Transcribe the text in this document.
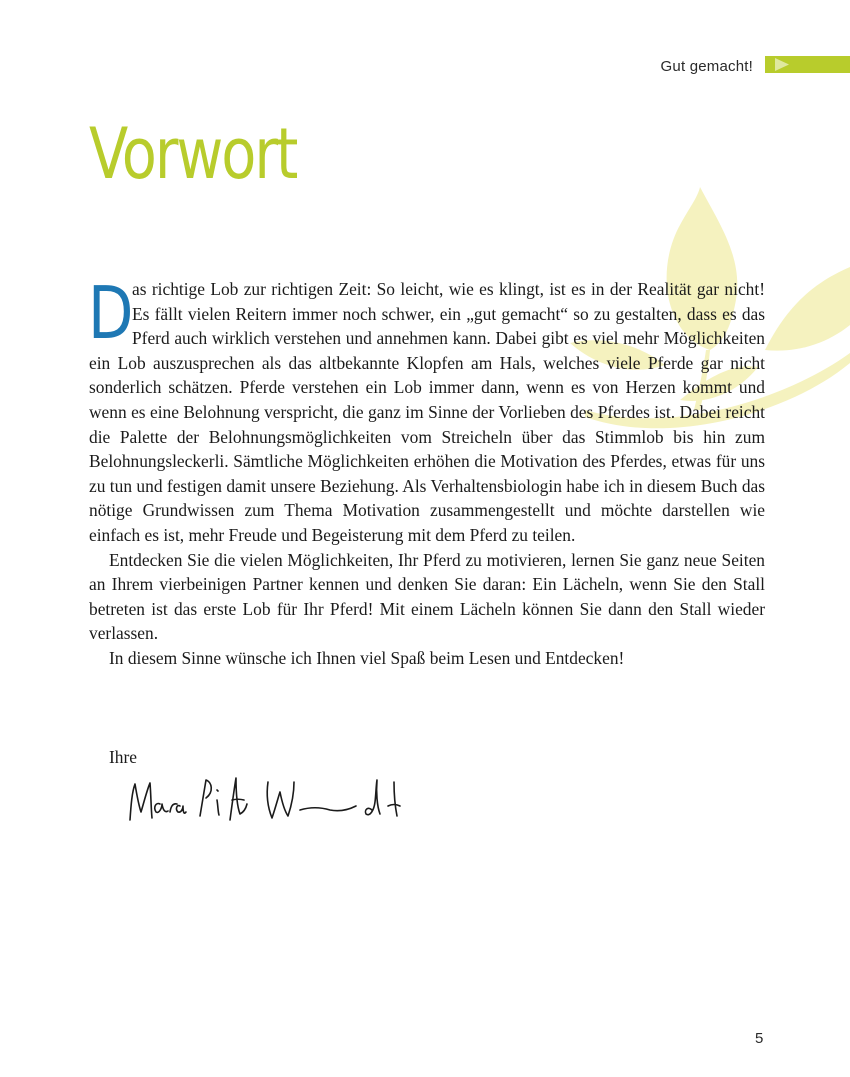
Gut gemacht!
Vorwort

D
as richtige Lob zur richtigen Zeit: So leicht, wie es klingt, ist es in der Realität gar nicht! Es fällt vielen Reitern immer noch schwer, ein „gut gemacht“ so zu gestalten, dass es das Pferd auch wirklich verstehen und annehmen kann. Dabei gibt es viel mehr Möglichkeiten ein Lob auszusprechen als das altbekannte Klopfen am Hals, welches viele Pferde gar nicht sonderlich schätzen. Pferde verstehen ein Lob immer dann, wenn es von Herzen kommt und wenn es eine Belohnung verspricht, die ganz im Sinne der Vorlieben des Pferdes ist. Dabei reicht die Palette der Belohnungsmöglichkeiten vom Streicheln über das Stimmlob bis hin zum Belohnungsleckerli. Sämtliche Möglichkeiten erhöhen die Motivation des Pferdes, etwas für uns zu tun und festigen damit unsere Beziehung. Als Verhaltensbiologin habe ich in diesem Buch das nötige Grundwissen zum Thema Motivation zusammengestellt und möchte darstellen wie einfach es ist, mehr Freude und Begeisterung mit dem Pferd zu teilen.

Entdecken Sie die vielen Möglichkeiten, Ihr Pferd zu motivieren, lernen Sie ganz neue Seiten an Ihrem vierbeinigen Partner kennen und denken Sie daran: Ein Lächeln, wenn Sie den Stall betreten ist das erste Lob für Ihr Pferd! Mit einem Lächeln können Sie dann den Stall wieder verlassen.

In diesem Sinne wünsche ich Ihnen viel Spaß beim Lesen und Entdecken!

Ihre
5
